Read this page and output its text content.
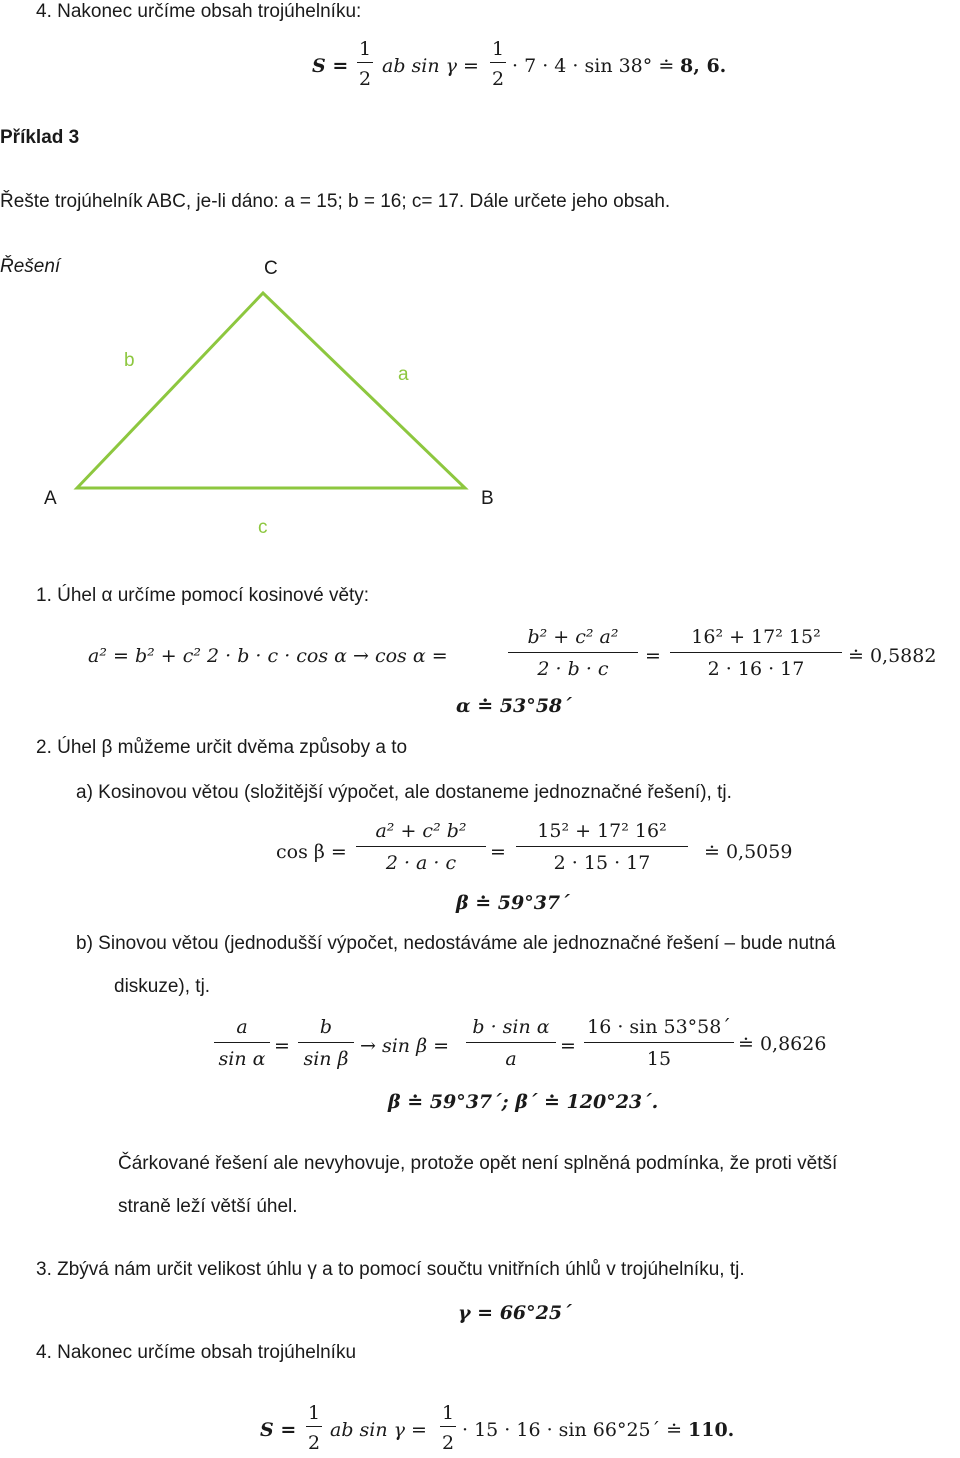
4. Nakonec určíme obsah trojúhelníku:
S =
1
2
ab sin γ =
1
2
· 7 · 4 · sin 38° ≐ 8, 6.
Příklad 3
Řešte trojúhelník ABC, je-li dáno: a = 15; b = 16; c= 17. Dále určete jeho obsah.
Řešení	C
A	B
b
a
c
1. Úhel α určíme pomocí kosinové věty:
a² = b² + c² 2 · b · c · cos α → cos α =
b² + c² a²
2 · b · c
=
16² + 17² 15²
2 · 16 · 17
≐ 0,5882
α ≐ 53°58´
2. Úhel β můžeme určit dvěma způsoby a to
a) Kosinovou větou (složitější výpočet, ale dostaneme jednoznačné řešení), tj.
cos β =
a² + c² b²
2 · a · c	=
15² + 17² 16²
2 · 15 · 17	≐ 0,5059
β ≐ 59°37´
b) Sinovou větou (jednodušší výpočet, nedostáváme ale jednoznačné řešení – bude nutná
diskuze), tj.
a
sin α
=
b
sin β
→ sin β =
b · sin α
a
=
16 · sin 53°58´
15
≐ 0,8626
β ≐ 59°37´; β´ ≐ 120°23´.
Čárkované řešení ale nevyhovuje, protože opět není splněná podmínka, že proti větší
straně leží větší úhel.
3. Zbývá nám určit velikost úhlu γ a to pomocí součtu vnitřních úhlů v trojúhelníku, tj.
γ = 66°25´
4. Nakonec určíme obsah trojúhelníku
S =
1
2
ab sin γ =
1
2
· 15 · 16 · sin 66°25´ ≐ 110.
